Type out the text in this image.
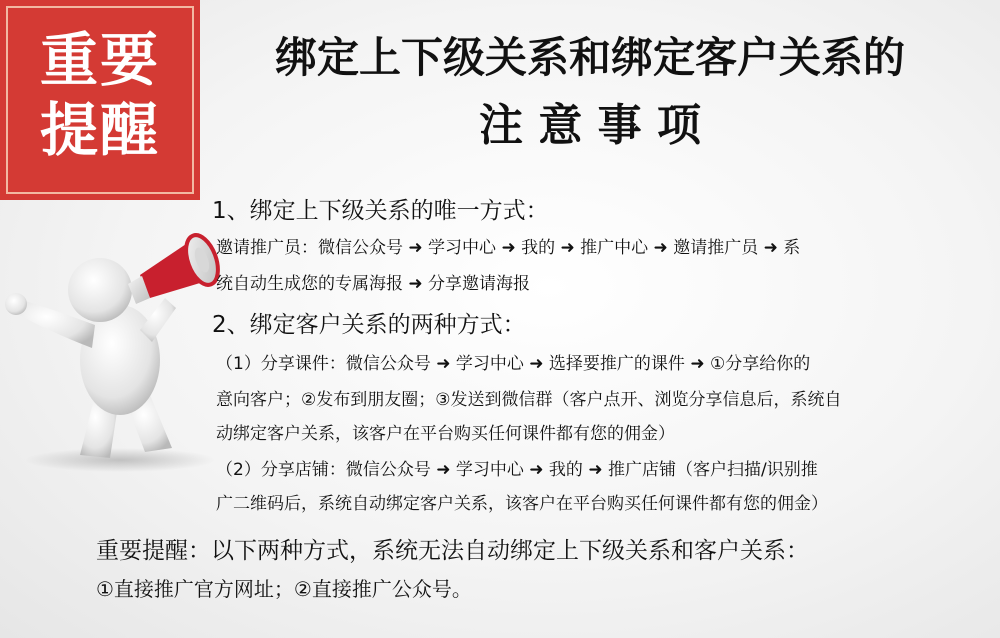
重要
提醒
绑定上下级关系和绑定客户关系的
注 意 事 项
1、绑定上下级关系的唯一方式：
邀请推广员：微信公众号 ➜ 学习中心 ➜ 我的 ➜ 推广中心 ➜ 邀请推广员 ➜ 系
统自动生成您的专属海报 ➜ 分享邀请海报
2、绑定客户关系的两种方式：
（1）分享课件：微信公众号 ➜ 学习中心 ➜ 选择要推广的课件 ➜ ①分享给你的
意向客户；②发布到朋友圈；③发送到微信群（客户点开、浏览分享信息后，系统自
动绑定客户关系，该客户在平台购买任何课件都有您的佣金）
（2）分享店铺：微信公众号 ➜ 学习中心 ➜ 我的 ➜ 推广店铺（客户扫描/识别推
广二维码后，系统自动绑定客户关系，该客户在平台购买任何课件都有您的佣金）
重要提醒：以下两种方式，系统无法自动绑定上下级关系和客户关系：
①直接推广官方网址；②直接推广公众号。
